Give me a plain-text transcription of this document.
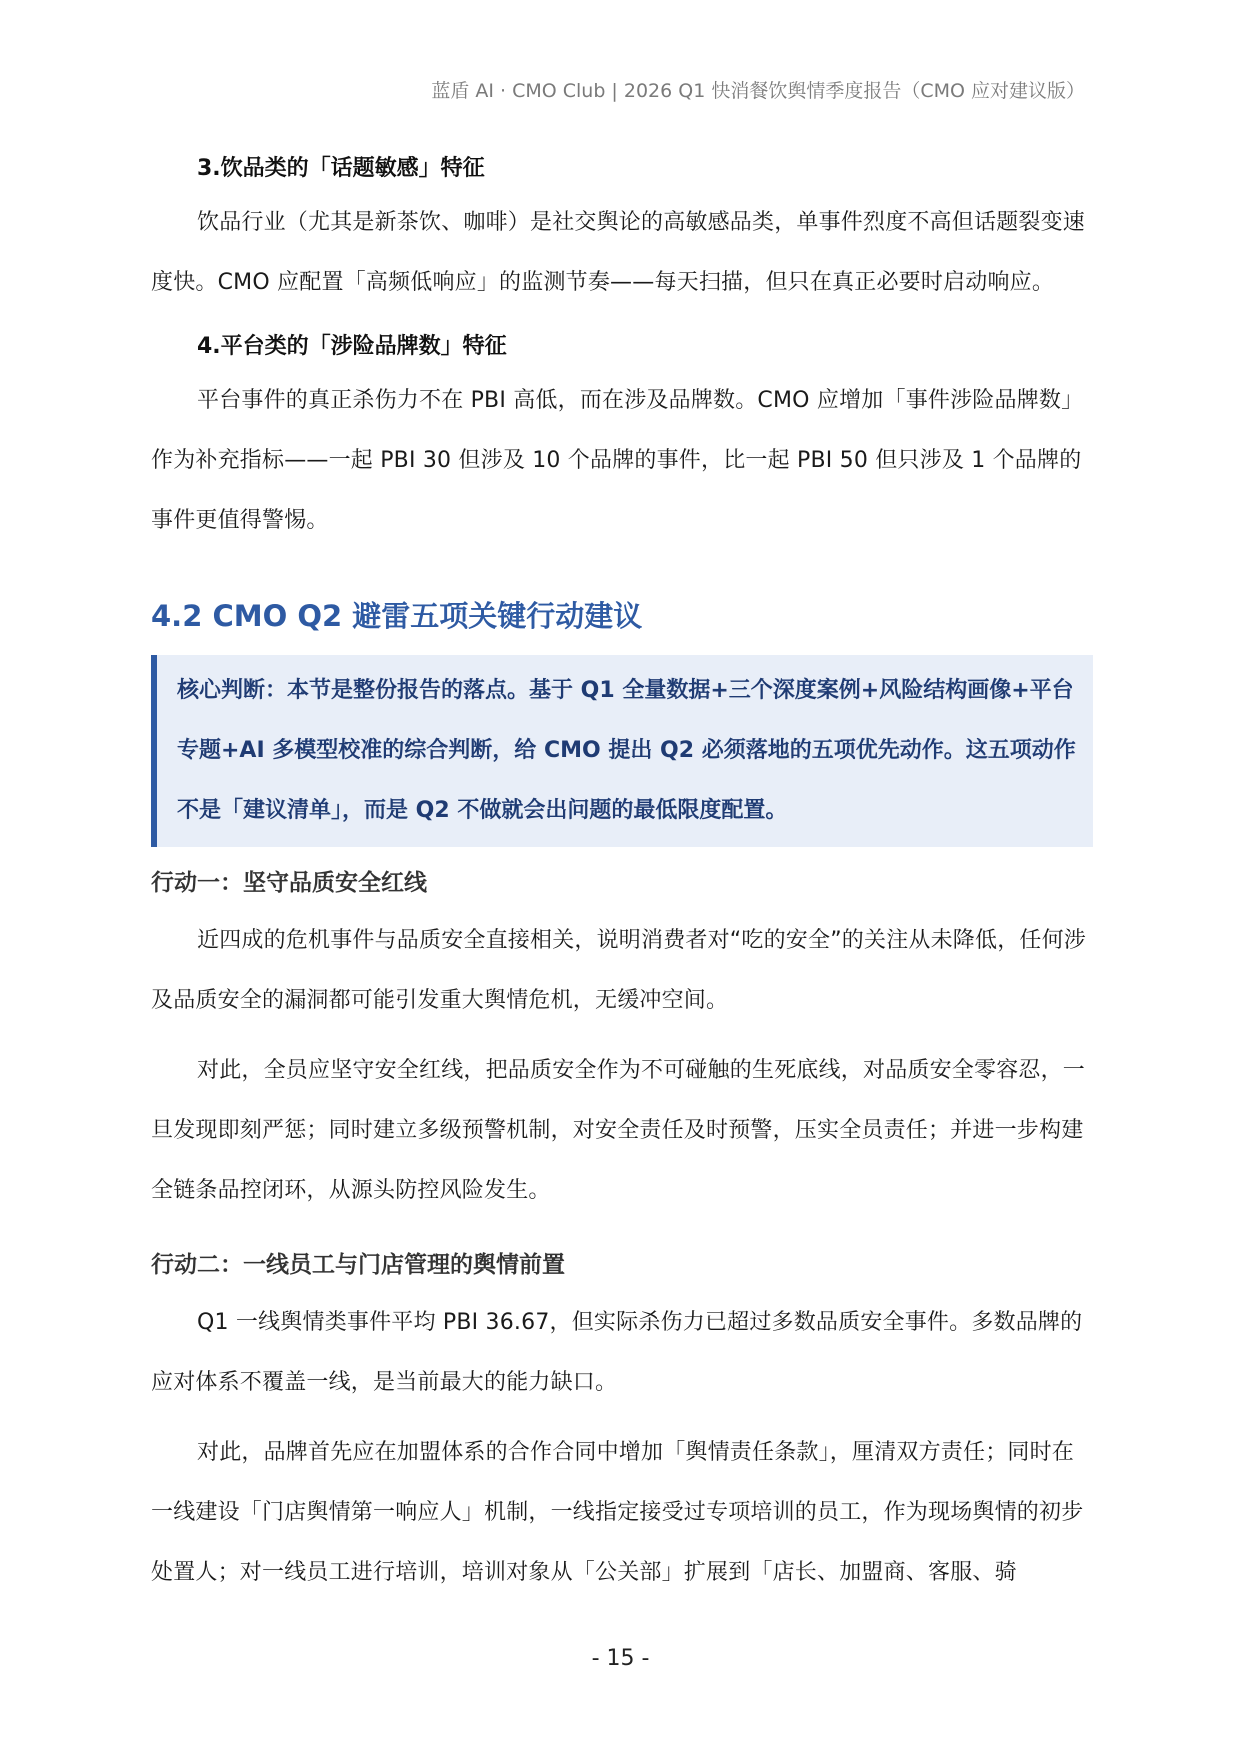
蓝盾 AI · CMO Club | 2026 Q1 快消餐饮舆情季度报告（CMO 应对建议版）
3.饮品类的「话题敏感」特征

饮品行业（尤其是新茶饮、咖啡）是社交舆论的高敏感品类，单事件烈度不高但话题裂变速度快。CMO 应配置「高频低响应」的监测节奏——每天扫描，但只在真正必要时启动响应。

4.平台类的「涉险品牌数」特征

平台事件的真正杀伤力不在 PBI 高低，而在涉及品牌数。CMO 应增加「事件涉险品牌数」作为补充指标——一起 PBI 30 但涉及 10 个品牌的事件，比一起 PBI 50 但只涉及 1 个品牌的事件更值得警惕。

4.2 CMO Q2 避雷五项关键行动建议

核心判断：本节是整份报告的落点。基于 Q1 全量数据+三个深度案例+风险结构画像+平台专题+AI 多模型校准的综合判断，给 CMO 提出 Q2 必须落地的五项优先动作。这五项动作不是「建议清单」，而是 Q2 不做就会出问题的最低限度配置。

行动一：坚守品质安全红线

近四成的危机事件与品质安全直接相关，说明消费者对“吃的安全”的关注从未降低，任何涉及品质安全的漏洞都可能引发重大舆情危机，无缓冲空间。

对此，全员应坚守安全红线，把品质安全作为不可碰触的生死底线，对品质安全零容忍，一旦发现即刻严惩；同时建立多级预警机制，对安全责任及时预警，压实全员责任；并进一步构建全链条品控闭环，从源头防控风险发生。

行动二：一线员工与门店管理的舆情前置

Q1 一线舆情类事件平均 PBI 36.67，但实际杀伤力已超过多数品质安全事件。多数品牌的应对体系不覆盖一线，是当前最大的能力缺口。

对此，品牌首先应在加盟体系的合作合同中增加「舆情责任条款」，厘清双方责任；同时在一线建设「门店舆情第一响应人」机制，一线指定接受过专项培训的员工，作为现场舆情的初步处置人；对一线员工进行培训，培训对象从「公关部」扩展到「店长、加盟商、客服、骑

- 15 -
